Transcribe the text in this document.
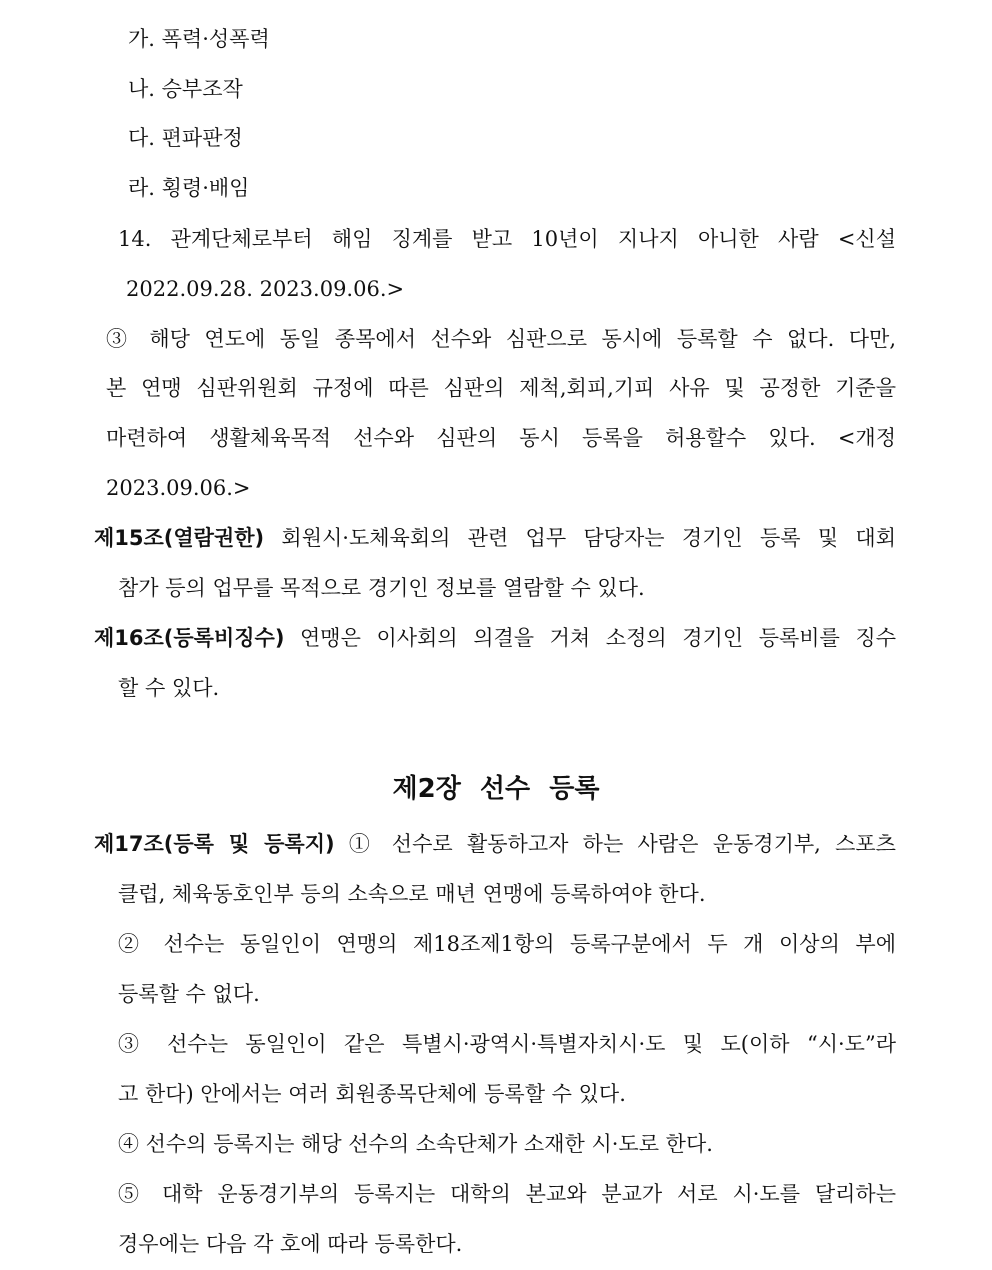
가. 폭력·성폭력
나. 승부조작
다. 편파판정
라. 횡령·배임
14. 관계단체로부터 해임 징계를 받고 10년이 지나지 아니한 사람 <신설
2022.09.28. 2023.09.06.>
③ 해당 연도에 동일 종목에서 선수와 심판으로 동시에 등록할 수 없다. 다만,
본 연맹 심판위원회 규정에 따른 심판의 제척,회피,기피 사유 및 공정한 기준을
마련하여 생활체육목적 선수와 심판의 동시 등록을 허용할수 있다. <개정
2023.09.06.>
제15조(열람권한) 회원시·도체육회의 관련 업무 담당자는 경기인 등록 및 대회
참가 등의 업무를 목적으로 경기인 정보를 열람할 수 있다.
제16조(등록비징수) 연맹은 이사회의 의결을 거쳐 소정의 경기인 등록비를 징수
할 수 있다.
제2장 선수 등록
제17조(등록 및 등록지) ① 선수로 활동하고자 하는 사람은 운동경기부, 스포츠
클럽, 체육동호인부 등의 소속으로 매년 연맹에 등록하여야 한다.
② 선수는 동일인이 연맹의 제18조제1항의 등록구분에서 두 개 이상의 부에
등록할 수 없다.
③ 선수는 동일인이 같은 특별시·광역시·특별자치시·도 및 도(이하 “시·도”라
고 한다) 안에서는 여러 회원종목단체에 등록할 수 있다.
④ 선수의 등록지는 해당 선수의 소속단체가 소재한 시·도로 한다.
⑤ 대학 운동경기부의 등록지는 대학의 본교와 분교가 서로 시·도를 달리하는
경우에는 다음 각 호에 따라 등록한다.
